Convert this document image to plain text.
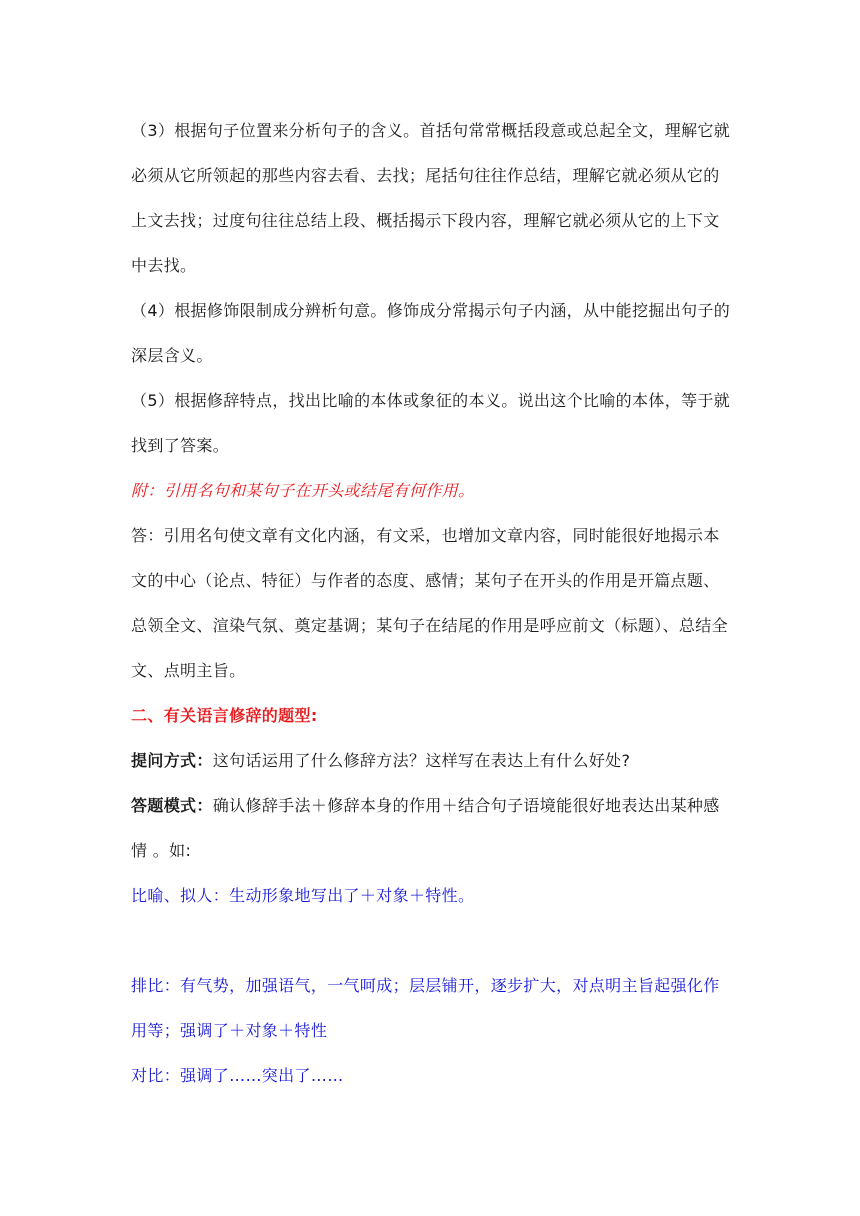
（3）根据句子位置来分析句子的含义。首括句常常概括段意或总起全文，理解它就必须从它所领起的那些内容去看、去找；尾括句往往作总结，理解它就必须从它的上文去找；过度句往往总结上段、概括揭示下段内容，理解它就必须从它的上下文中去找。

（4）根据修饰限制成分辨析句意。修饰成分常揭示句子内涵，从中能挖掘出句子的深层含义。

（5）根据修辞特点，找出比喻的本体或象征的本义。说出这个比喻的本体，等于就找到了答案。

附：引用名句和某句子在开头或结尾有何作用。

答：引用名句使文章有文化内涵，有文采，也增加文章内容，同时能很好地揭示本文的中心（论点、特征）与作者的态度、感情；某句子在开头的作用是开篇点题、总领全文、渲染气氛、奠定基调；某句子在结尾的作用是呼应前文（标题）、总结全文、点明主旨。

二、有关语言修辞的题型:

提问方式：这句话运用了什么修辞方法？这样写在表达上有什么好处?

答题模式：确认修辞手法＋修辞本身的作用＋结合句子语境能很好地表达出某种感情 。如:

比喻、拟人：生动形象地写出了＋对象＋特性。

排比：有气势，加强语气，一气呵成；层层铺开，逐步扩大，对点明主旨起强化作用等；强调了＋对象＋特性

对比：强调了……突出了……
